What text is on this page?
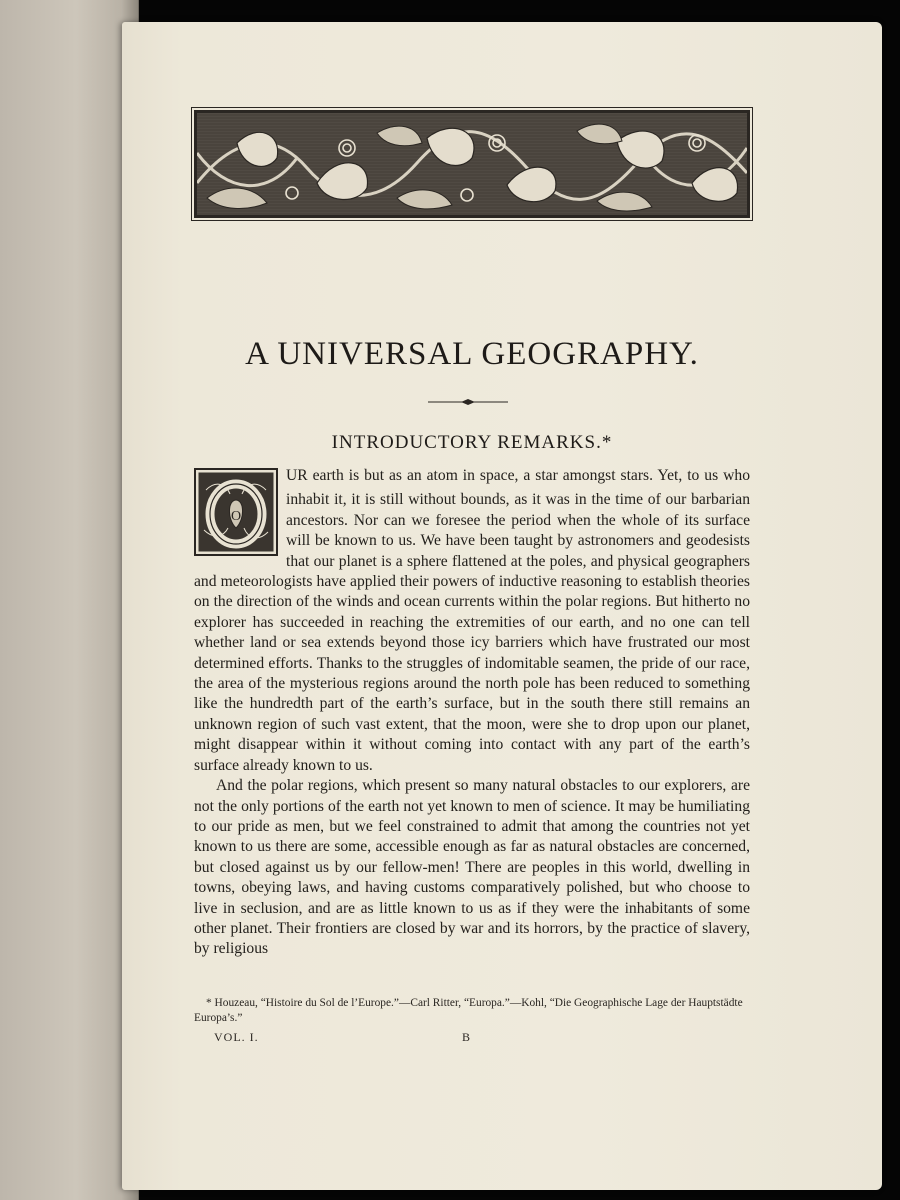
A UNIVERSAL GEOGRAPHY.
INTRODUCTORY REMARKS.*
O

OUR earth is but as an atom in space, a star amongst stars. Yet, to us who inhabit it, it is still without bounds, as it was in the time of our barbarian ancestors. Nor can we foresee the period when the whole of its surface will be known to us. We have been taught by astronomers and geodesists that our planet is a sphere flattened at the poles, and physical geographers and meteorologists have applied their powers of inductive reasoning to establish theories on the direction of the winds and ocean currents within the polar regions. But hitherto no explorer has succeeded in reaching the extremities of our earth, and no one can tell whether land or sea extends beyond those icy barriers which have frustrated our most determined efforts. Thanks to the struggles of indomitable seamen, the pride of our race, the area of the mysterious regions around the north pole has been reduced to something like the hundredth part of the earth’s surface, but in the south there still remains an unknown region of such vast extent, that the moon, were she to drop upon our planet, might disappear within it without coming into contact with any part of the earth’s surface already known to us.

And the polar regions, which present so many natural obstacles to our explorers, are not the only portions of the earth not yet known to men of science. It may be humiliating to our pride as men, but we feel constrained to admit that among the countries not yet known to us there are some, accessible enough as far as natural obstacles are concerned, but closed against us by our fellow-men! There are peoples in this world, dwelling in towns, obeying laws, and having customs comparatively polished, but who choose to live in seclusion, and are as little known to us as if they were the inhabitants of some other planet. Their frontiers are closed by war and its horrors, by the practice of slavery, by religious

* Houzeau, “Histoire du Sol de l’Europe.”—Carl Ritter, “Europa.”—Kohl, “Die Geographische Lage der Hauptstädte Europa’s.”
VOL. I.	B
